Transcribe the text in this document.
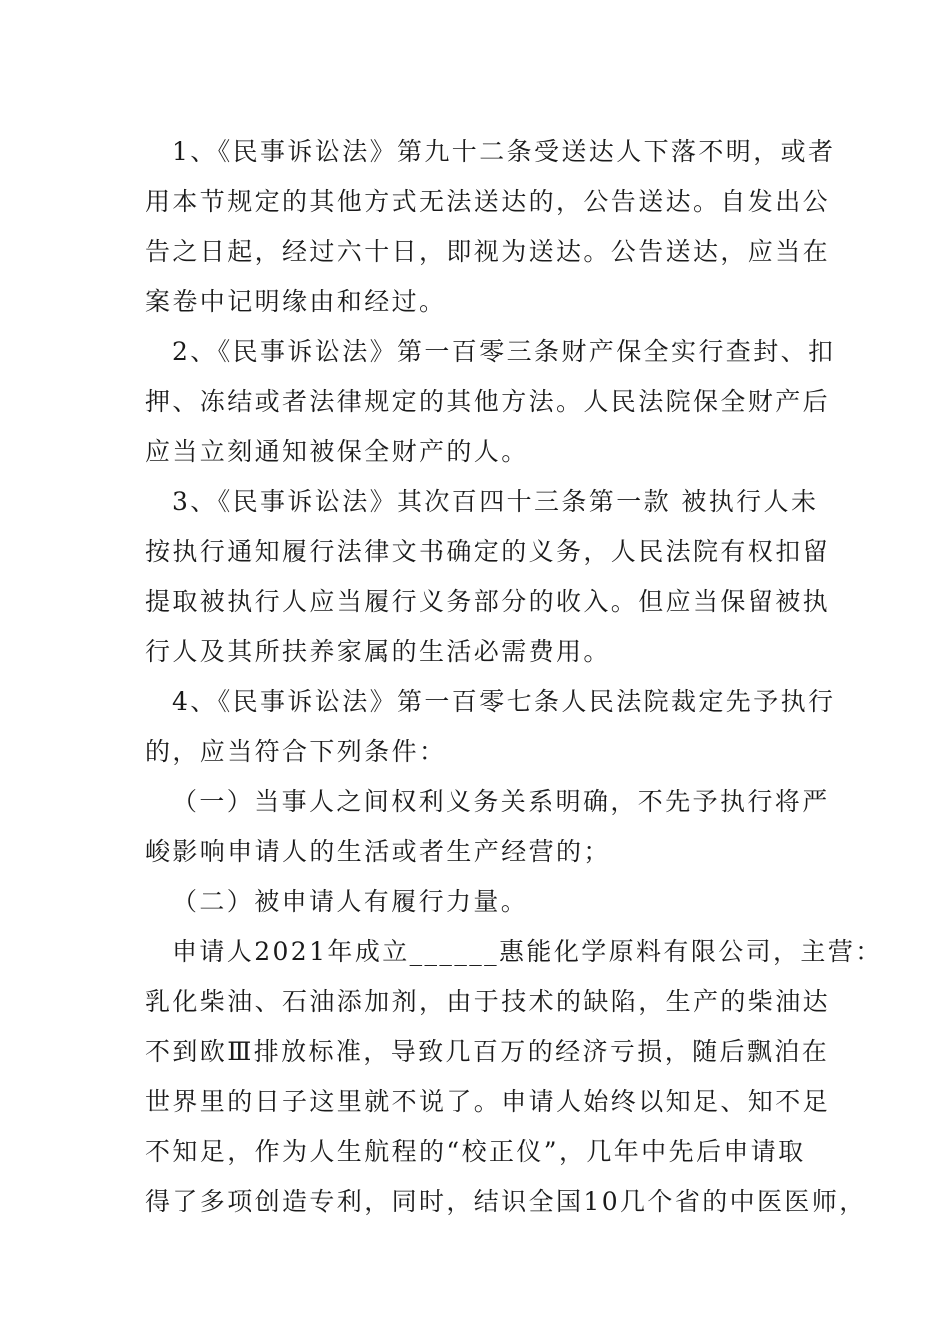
1、《民事诉讼法》第九十二条受送达人下落不明，或者
用本节规定的其他方式无法送达的，公告送达。自发出公
告之日起，经过六十日，即视为送达。公告送达，应当在
案卷中记明缘由和经过。
2、《民事诉讼法》第一百零三条财产保全实行查封、扣
押、冻结或者法律规定的其他方法。人民法院保全财产后
应当立刻通知被保全财产的人。
3、《民事诉讼法》其次百四十三条第一款 被执行人未
按执行通知履行法律文书确定的义务，人民法院有权扣留
提取被执行人应当履行义务部分的收入。但应当保留被执
行人及其所扶养家属的生活必需费用。
4、《民事诉讼法》第一百零七条人民法院裁定先予执行
的，应当符合下列条件：
（一）当事人之间权利义务关系明确，不先予执行将严
峻影响申请人的生活或者生产经营的；
（二）被申请人有履行力量。
申请人2021年成立______惠能化学原料有限公司，主营：
乳化柴油、石油添加剂，由于技术的缺陷，生产的柴油达
不到欧Ⅲ排放标准，导致几百万的经济亏损，随后飘泊在
世界里的日子这里就不说了。申请人始终以知足、知不足
不知足，作为人生航程的“校正仪”，几年中先后申请取
得了多项创造专利，同时，结识全国10几个省的中医医师，
